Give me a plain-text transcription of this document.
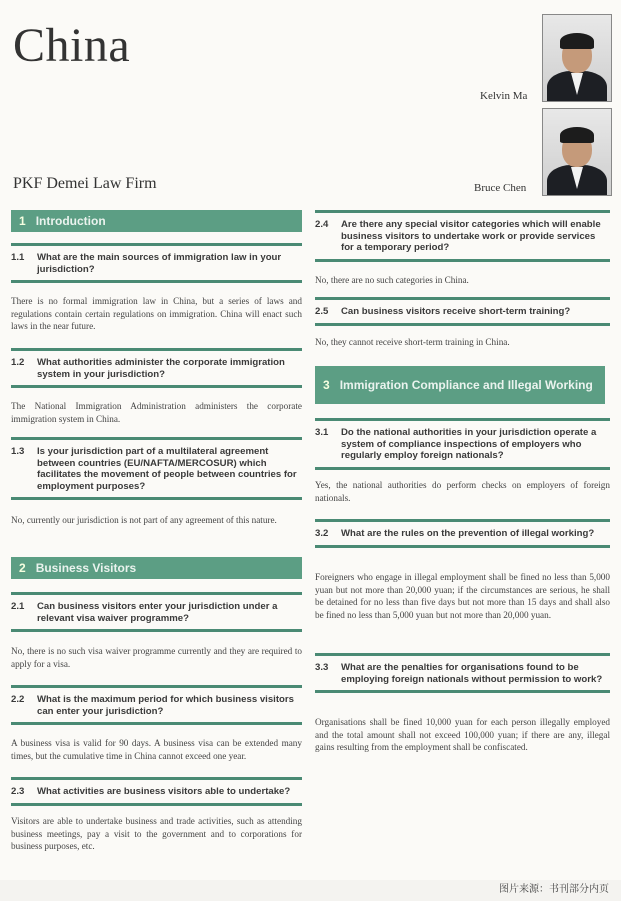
China
PKF Demei Law Firm
Kelvin Ma
Bruce Chen
1 Introduction
1.1	What are the main sources of immigration law in your jurisdiction?
There is no formal immigration law in China, but a series of laws and regulations contain certain regulations on immigration. China will enact such laws in the near future.
1.2	What authorities administer the corporate immigration system in your jurisdiction?
The National Immigration Administration administers the corporate immigration system in China.
1.3	Is your jurisdiction part of a multilateral agreement between countries (EU/NAFTA/MERCOSUR) which facilitates the movement of people between countries for employment purposes?
No, currently our jurisdiction is not part of any agreement of this nature.
2 Business Visitors
2.1	Can business visitors enter your jurisdiction under a relevant visa waiver programme?
No, there is no such visa waiver programme currently and they are required to apply for a visa.
2.2	What is the maximum period for which business visitors can enter your jurisdiction?
A business visa is valid for 90 days. A business visa can be extended many times, but the cumulative time in China cannot exceed one year.
2.3	What activities are business visitors able to undertake?
Visitors are able to undertake business and trade activities, such as attending business meetings, pay a visit to the government and to corporations for business purposes, etc.
2.4	Are there any special visitor categories which will enable business visitors to undertake work or provide services for a temporary period?
No, there are no such categories in China.
2.5	Can business visitors receive short-term training?
No, they cannot receive short-term training in China.
3 Immigration Compliance and Illegal Working
3.1	Do the national authorities in your jurisdiction operate a system of compliance inspections of employers who regularly employ foreign nationals?
Yes, the national authorities do perform checks on employers of foreign nationals.
3.2	What are the rules on the prevention of illegal working?
Foreigners who engage in illegal employment shall be fined no less than 5,000 yuan but not more than 20,000 yuan; if the circumstances are serious, he shall be detained for no less than five days but not more than 15 days and shall also be fined no less than 5,000 yuan but not more than 20,000 yuan.
3.3	What are the penalties for organisations found to be employing foreign nationals without permission to work?
Organisations shall be fined 10,000 yuan for each person illegally employed and the total amount shall not exceed 100,000 yuan; if there are any, illegal gains resulting from the employment shall be confiscated.
图片来源：书刊部分内页
